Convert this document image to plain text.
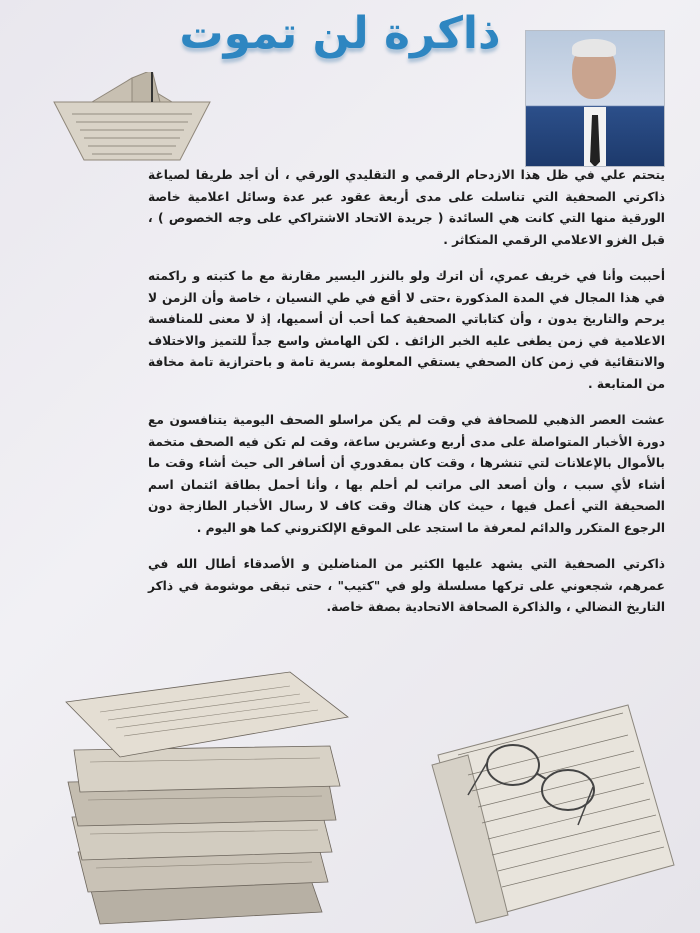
ذاكرة لن تموت

يتحتم علي في ظل هذا الازدحام الرقمي و التقليدي الورقي ، أن أجد طريقا لصياغة ذاكرتي الصحفية التي تناسلت على مدى أربعة عقود عبر عدة وسائل اعلامية خاصة الورقية منها التي كانت هي السائدة ( جريدة الاتحاد الاشتراكي على وجه الخصوص ) ، قبل الغزو الاعلامي الرقمي المتكاثر .

أحببت وأنا في خريف عمري، أن اترك ولو بالنزر اليسير مقارنة مع ما كتبته و راكمته في هذا المجال في المدة المذكورة ،حتى لا أقع في طي النسيان ، خاصة وأن الزمن لا يرحم والتاريخ يدون ، وأن كتاباتي الصحفية كما أحب أن أسميها، إذ لا معنى للمنافسة الاعلامية في زمن يطغى عليه الخبر الزائف . لكن الهامش واسع جداً للتميز والاختلاف والانتقائية في زمن كان الصحفي يستقي المعلومة بسرية تامة و باحترازية تامة مخافة من المتابعة .

عشت العصر الذهبي للصحافة في وقت لم يكن مراسلو الصحف اليومية يتنافسون مع دورة الأخبار المتواصلة على مدى أربع وعشرين ساعة، وقت لم تكن فيه الصحف متخمة بالأموال بالإعلانات لتي تنشرها ، وقت كان بمقدوري أن أسافر الى حيث أشاء وقت ما أشاء لأي سبب ، وأن أصعد الى مراتب لم أحلم بها ، وأنا أحمل بطاقة ائتمان اسم الصحيفة التي أعمل فيها ، حيث كان هناك وقت كاف لا رسال الأخبار الطازجة دون الرجوع المتكرر والدائم لمعرفة ما استجد على الموقع الإلكتروني كما هو اليوم .

ذاكرتي الصحفية التي يشهد عليها الكثير من المناضلين و الأصدقاء أطال الله في عمرهم، شجعوني على تركها مسلسلة ولو في "كتيب" ، حتى تبقى موشومة في ذاكر التاريخ النضالي ، والذاكرة الصحافة الاتحادية بصفة خاصة.
